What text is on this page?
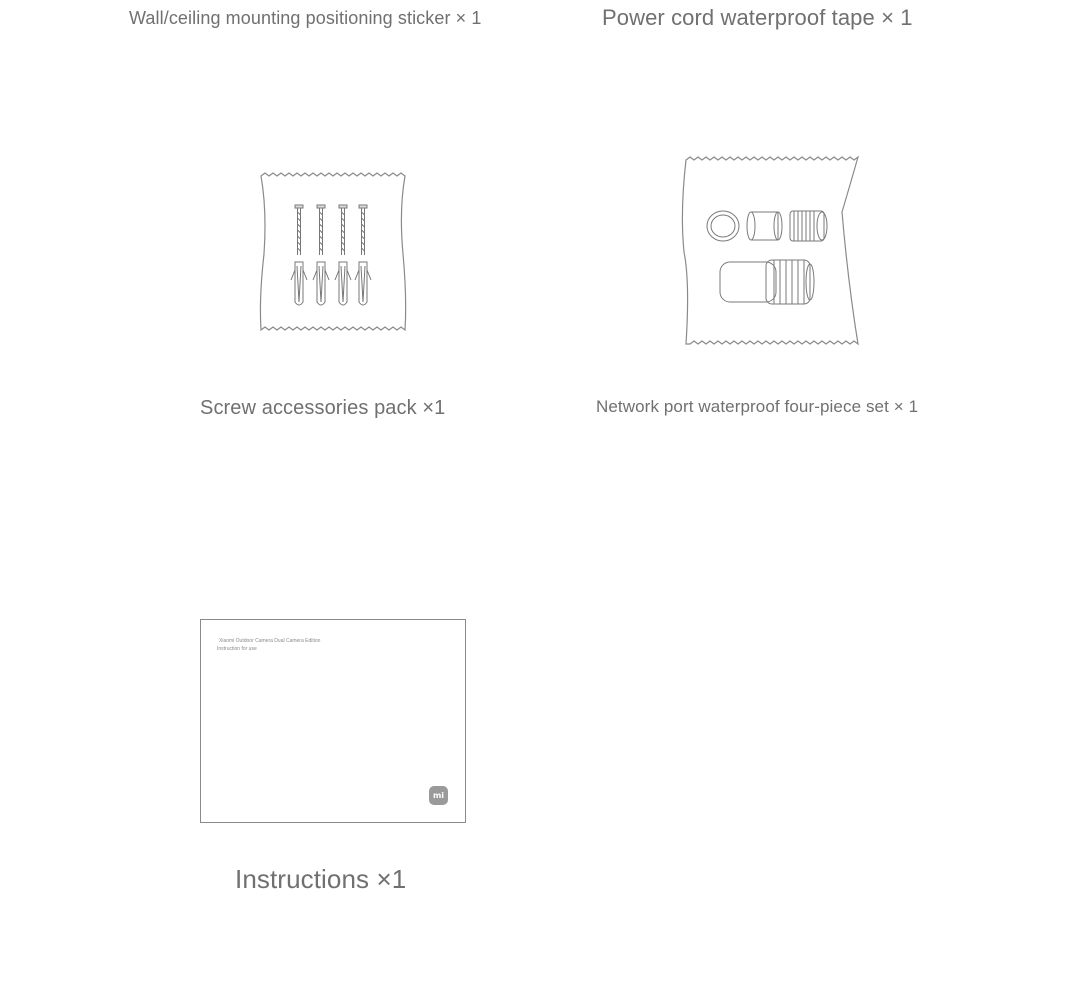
Wall/ceiling mounting positioning sticker × 1	Power cord waterproof tape × 1
Screw accessories pack ×1	Network port waterproof four-piece set × 1
Xiaomi Outdoor Camera Dual Camera Edition
Instruction for use
mi
Instructions ×1
